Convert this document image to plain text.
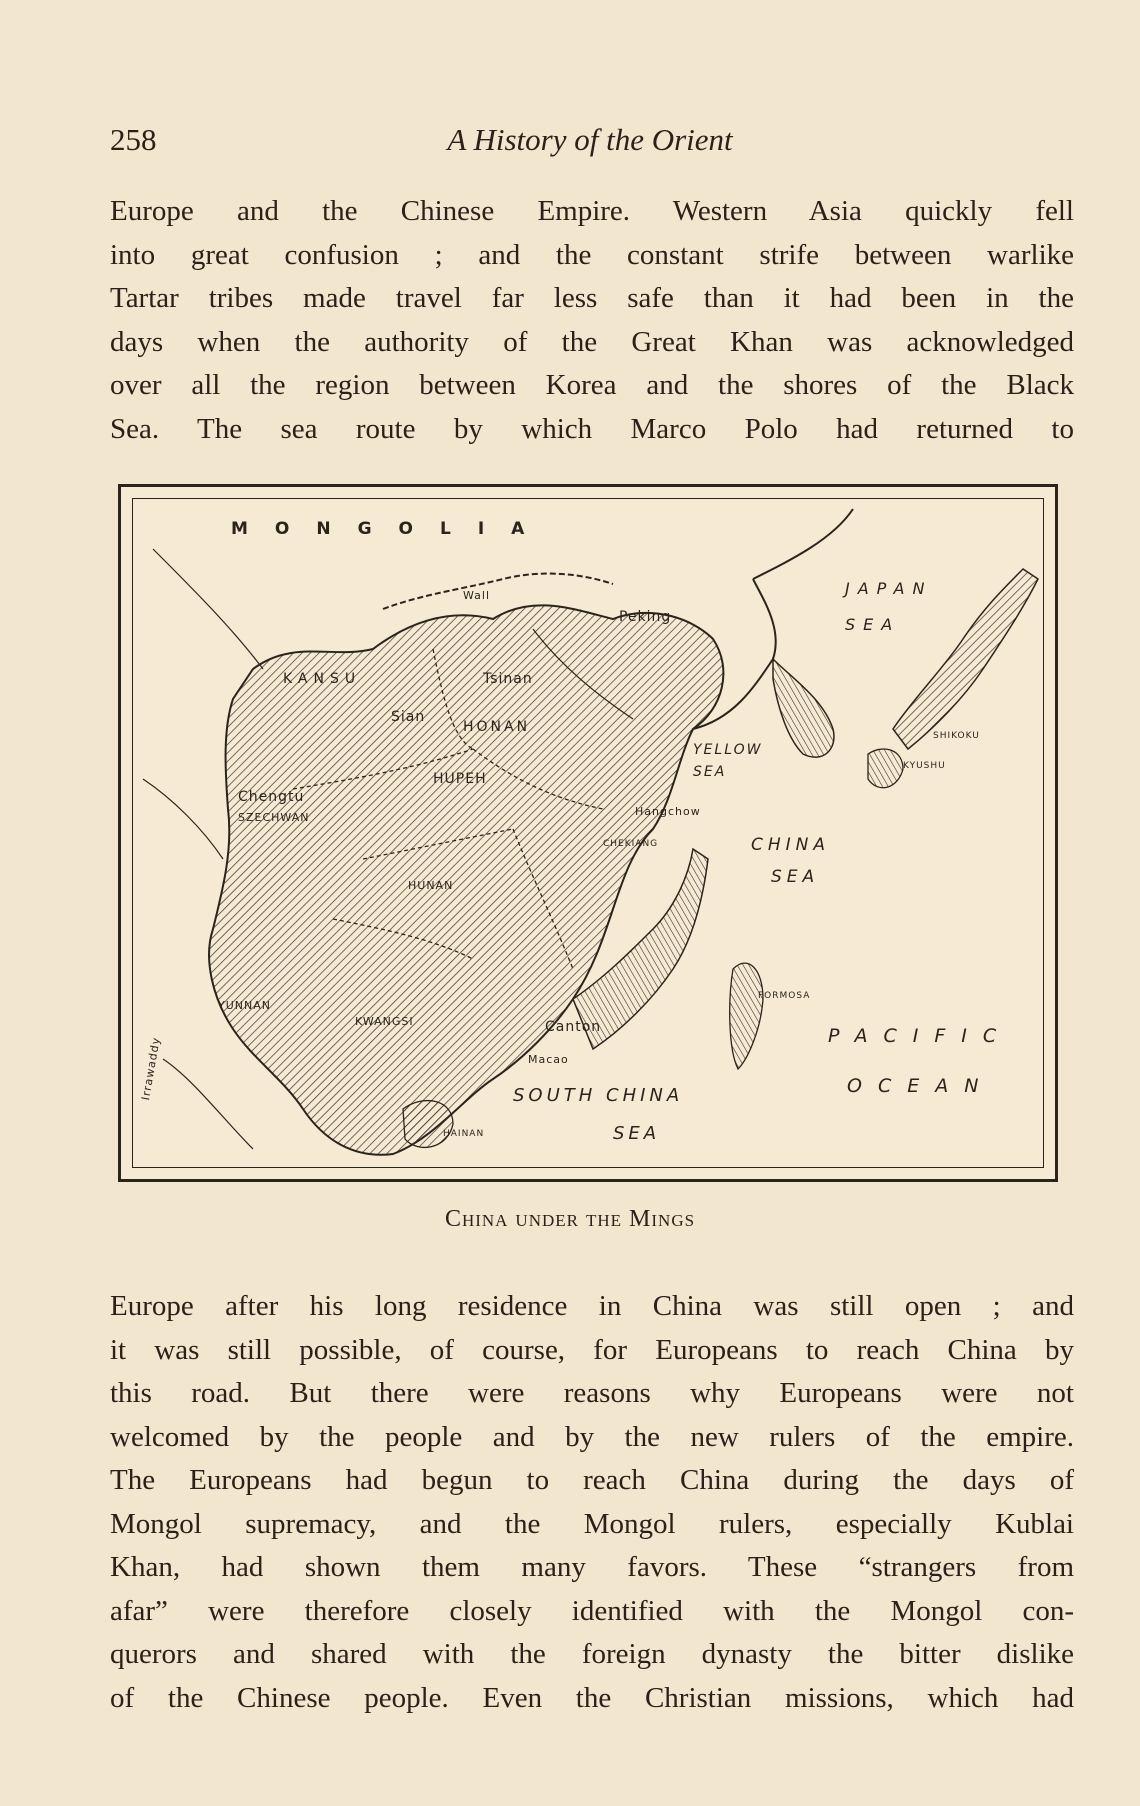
258	A History of the Orient
Europe and the Chinese Empire. Western Asia quickly fell
into great confusion ; and the constant strife between warlike
Tartar tribes made travel far less safe than it had been in the
days when the authority of the Great Khan was acknowledged
over all the region between Korea and the shores of the Black
Sea. The sea route by which Marco Polo had returned to
MONGOLIA
JAPAN
SEA
YELLOW
SEA
CHINA
SEA
PACIFIC
OCEAN
SOUTH CHINA
SEA
KANSU
Sian
Peking
Wall
Tsinan
HONAN
HUPEH
Chengtu
SZECHWAN
HUNAN
Hangchow
CHEKIANG
YUNNAN
KWANGSI	Canton
Macao
HAINAN
FORMOSA
SHIKOKU
KYUSHU
Irrawaddy
China under the Mings
Europe after his long residence in China was still open ; and
it was still possible, of course, for Europeans to reach China by
this road. But there were reasons why Europeans were not
welcomed by the people and by the new rulers of the empire.
The Europeans had begun to reach China during the days of
Mongol supremacy, and the Mongol rulers, especially Kublai
Khan, had shown them many favors. These “strangers from
afar” were therefore closely identified with the Mongol con-
querors and shared with the foreign dynasty the bitter dislike
of the Chinese people. Even the Christian missions, which had
